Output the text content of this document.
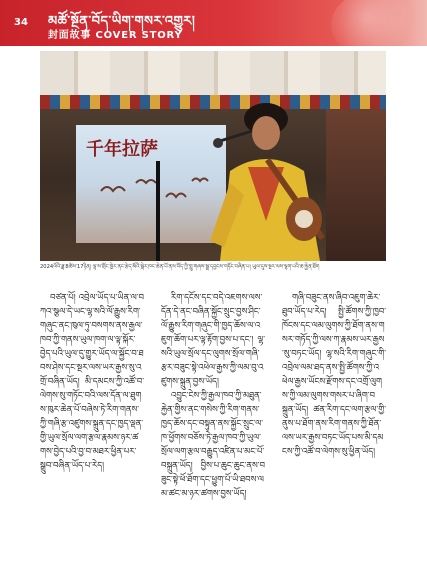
34 མཚོ་སྔོན་བོད་ཡིག་གསར་འགྱུར།
封面故事 COVER STORY
千年拉萨
2024ལོའི་ཟླ་8ཚེས་17ཉིན། ལྷ་ས་གྲོང་ཁྱེར་ནང་རྩེད་མོའི་སྒེར་ཁང་ཆེན་པོ་ནས་བོད་ཀྱི་གླུ་གཞས་སྒྲ་དབྱངས་གཏོང་བཞིན་པ། ཡུལ་དུས་སྔར་ལས་ལྷག་པའི་ཆ་རྐྱེན་ཐོག

བཙན་པོ། འབྲེལ་ཡོད་པ་ཡིན་ལ་བཀའ་སྩལ་དེ་ཡང་ལྷ་སའི་ལོ་རྒྱུས་རིག་གཞུང་ནང་ཁུལ་ཏུ་བསགས་ནས་རྒྱལ་ཁབ་ཀྱི་གནས་ཡུལ་ཁག་ལ་ལྟ་སྐོར་བྱེད་པའི་ཡུལ་དུ་གྱུར་ཡོད་ལ་སྐྱོང་བ་ཐབས་ཤེས་དང་སྔར་ལས་ཡར་རྒྱས་སུ་འགྲོ་བཞིན་ཡོད། མི་དམངས་ཀྱི་འཚོ་བ་ལེགས་སུ་གཏོང་བའི་ལས་དོན་ལ་ཐུགས་ཁུར་ཆེན་པོ་བཞེས་ཏེ་རིག་གནས་ཀྱི་གཞི་རྩ་འཛུགས་སྐྲུན་དང་ཁྱད་ལྡན་གྱི་ཡུལ་སྲོལ་ལག་རྩལ་རྣམས་ཉར་ཚགས་བྱེད་པའི་བྱ་བ་མཐར་ཕྱིན་པར་སྒྲུབ་བཞིན་ཡོད་པ་རེད།

རིག་དངོས་དང་བདེ་འཇགས་ལས་དོན་དེ་ནང་བཞིན་སྐྱོང་སྲུང་བྱས་ཤིང་ལོ་རྒྱུས་རིག་གཞུང་གི་ཁྱད་ཆོས་ལ་འཇུག་ཆོག་པར་ལྟ་རྟོག་བྱས་པ་དང་། ལྷ་སའི་ཡུལ་སྲོལ་དང་ལུགས་སྲོལ་གཞི་རྩར་བཟུང་སྟེ་འཕེལ་རྒྱས་ཀྱི་ལམ་བུ་འཛུགས་སྐྲུན་བྱས་ཡོད།

འབྱུང་ངེས་ཀྱི་རྒྱལ་ཁབ་ཀྱི་མཐུན་རྐྱེན་གྱིས་ནང་གསེས་ཀྱི་རིག་གནས་ཁྱད་ཆོས་དང་བསྟུན་ནས་སྐྱོང་སྲུང་ལ་ཁ་ཕྱོགས་བཅོས་ཏེ་རྒྱལ་ཁབ་ཀྱི་ཡུལ་སྲོལ་ལག་རྩལ་བརྒྱུད་འཛིན་པ་མང་པོ་བསྐྲུན་ཡོད། བྱིས་པ་ཆུང་ཆུང་ནས་བཟུང་སྟེ་ཕོ་ཐོག་དང་ཕྱུག་པོ་ཡི་ཐབས་ལམ་ཚང་མ་ཉར་ཚགས་བྱས་ཡོད།

གཞི་བཟུང་ནས་ཞིབ་འཇུག་ཆེར་ཐུབ་ཡོད་པ་རེད། སྤྱི་ཚོགས་ཀྱི་ཁྱབ་ཁོངས་དང་ལམ་ལུགས་ཀྱི་ཐོག་ནས་གསར་གཏོད་ཀྱི་ལས་ཀ་རྣམས་ཡར་རྒྱས་སུ་བཏང་ཡོད། ལྷ་སའི་རིག་གཞུང་གི་འབྲེལ་ལམ་ཐད་ནས་སྤྱི་ཚོགས་ཀྱི་འཕེལ་རྒྱས་ཡོངས་རྫོགས་དང་འགྲོ་ལུགས་ཀྱི་ལམ་ལུགས་གསར་པ་ཞིག་བསྐྲུན་ཡོད། ཚན་རིག་དང་ལག་རྩལ་གྱི་ནུས་པ་ཐོག་ནས་རིག་གནས་ཀྱི་ཐོན་ལས་ཡར་རྒྱས་བཏང་ཡོད་པས་མི་དམངས་ཀྱི་འཚོ་བ་ལེགས་སུ་ཕྱིན་ཡོད།
